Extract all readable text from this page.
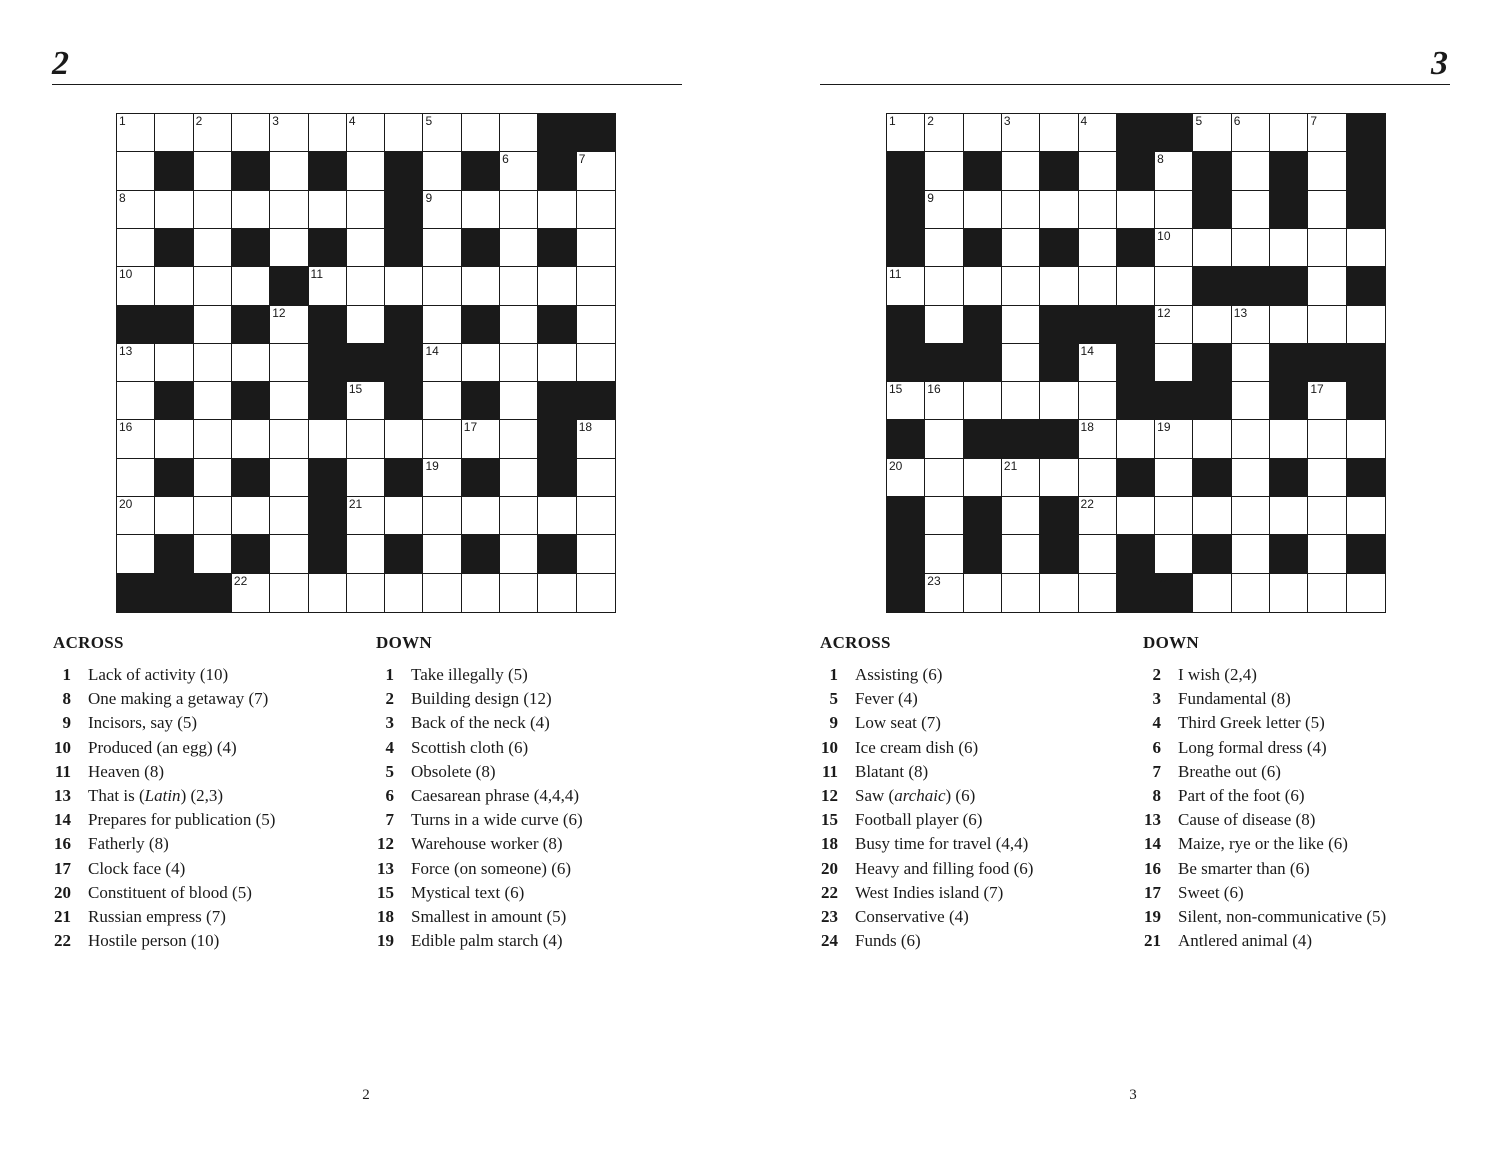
2
1	2	3	4	5
6	7
8	9
10	11
12
13	14
15
16	17	18
19
20	21
22
ACROSS
1 Lack of activity (10)
8 One making a getaway (7)
9 Incisors, say (5)
10 Produced (an egg) (4)
11 Heaven (8)
13 That is (Latin) (2,3)
14 Prepares for publication (5)
16 Fatherly (8)
17 Clock face (4)
20 Constituent of blood (5)
21 Russian empress (7)
22 Hostile person (10)
DOWN
1 Take illegally (5)
2 Building design (12)
3 Back of the neck (4)
4 Scottish cloth (6)
5 Obsolete (8)
6 Caesarean phrase (4,4,4)
7 Turns in a wide curve (6)
12 Warehouse worker (8)
13 Force (on someone) (6)
15 Mystical text (6)
18 Smallest in amount (5)
19 Edible palm starch (4)
2
3
1	2	3	4	5	6	7
8
9
10
11
12	13
14
15 16	17
18	19
20	21
22
23	24
ACROSS
1 Assisting (6)
5 Fever (4)
9 Low seat (7)
10 Ice cream dish (6)
11 Blatant (8)
12 Saw (archaic) (6)
15 Football player (6)
18 Busy time for travel (4,4)
20 Heavy and filling food (6)
22 West Indies island (7)
23 Conservative (4)
24 Funds (6)
DOWN
2 I wish (2,4)
3 Fundamental (8)
4 Third Greek letter (5)
6 Long formal dress (4)
7 Breathe out (6)
8 Part of the foot (6)
13 Cause of disease (8)
14 Maize, rye or the like (6)
16 Be smarter than (6)
17 Sweet (6)
19 Silent, non-communicative (5)
21 Antlered animal (4)
3
